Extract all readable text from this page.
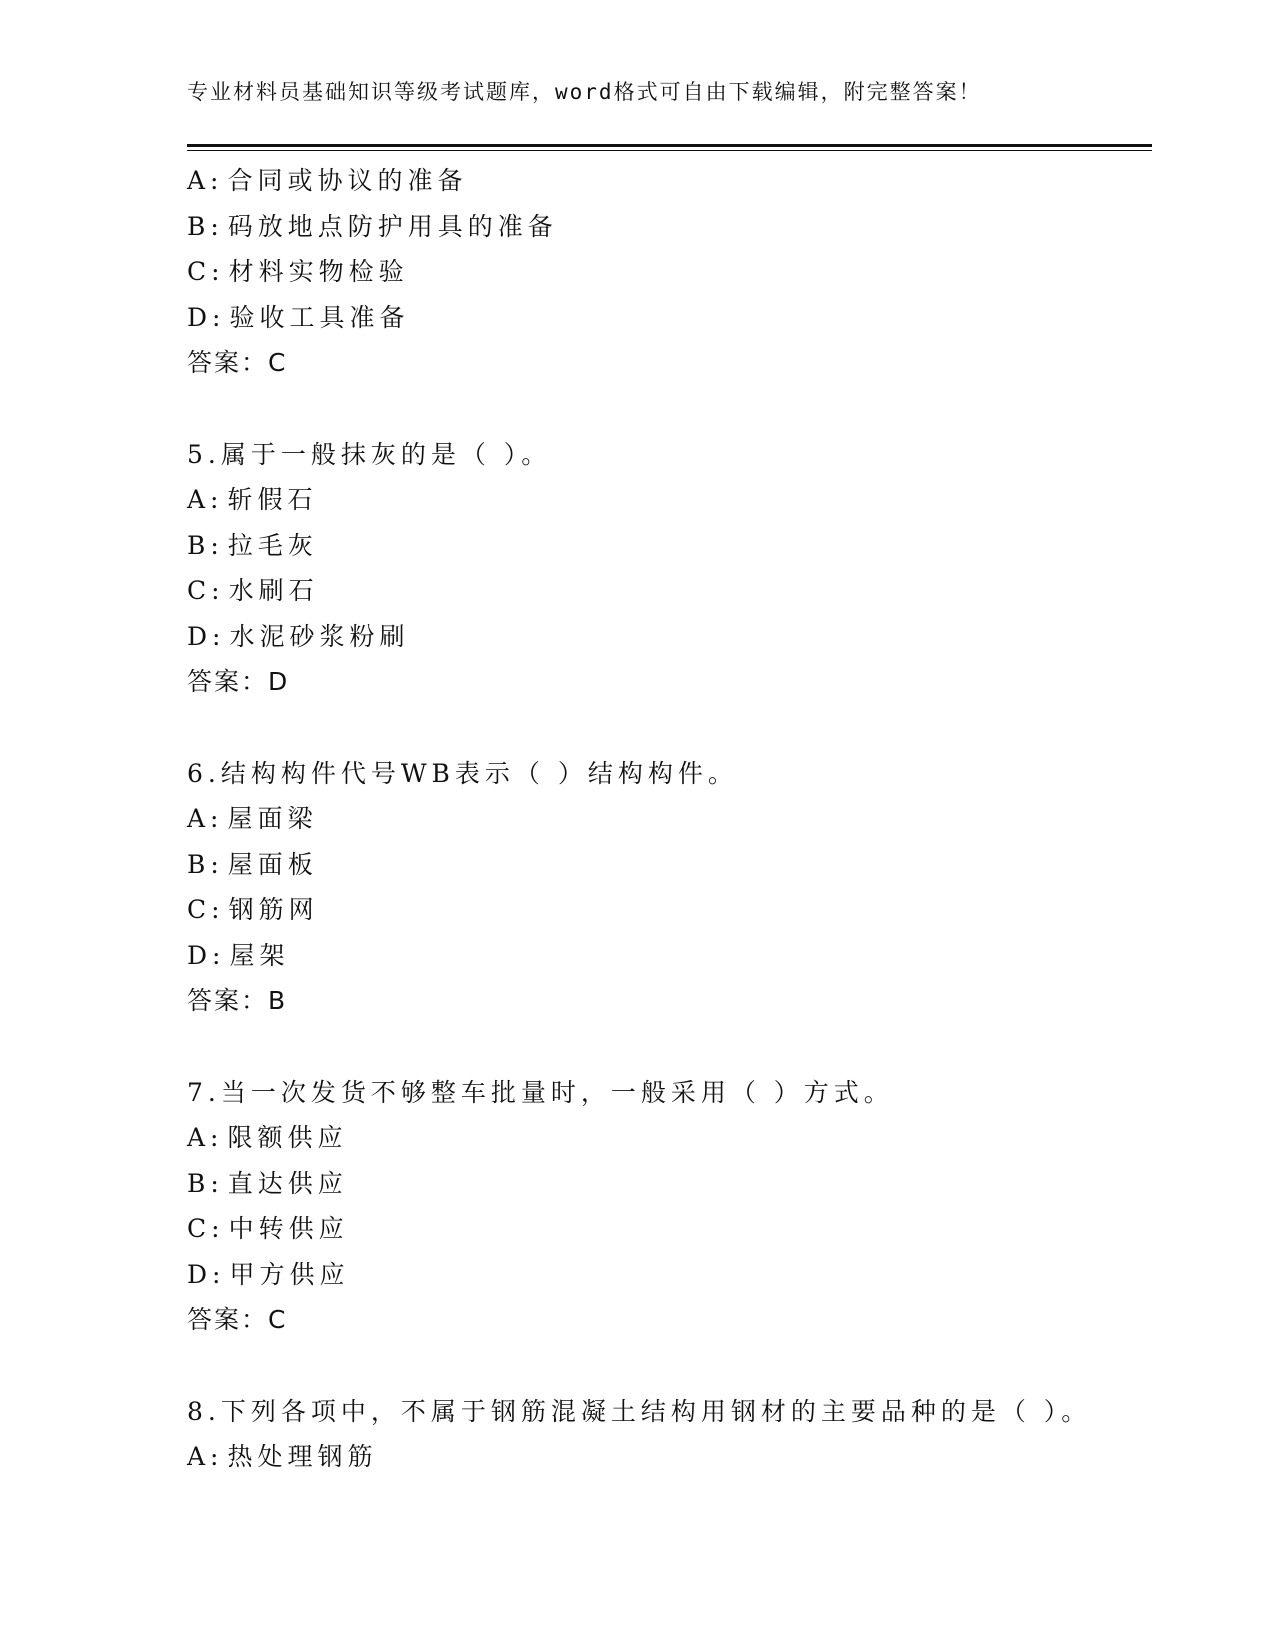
专业材料员基础知识等级考试题库，word格式可自由下载编辑，附完整答案！
A: 合同或协议的准备
B: 码放地点防护用具的准备
C: 材料实物检验
D: 验收工具准备
答案：C
5.属于一般抹灰的是（ ）。
A: 斩假石
B: 拉毛灰
C: 水刷石
D: 水泥砂浆粉刷
答案：D
6.结构构件代号WB表示（ ）结构构件。
A: 屋面梁
B: 屋面板
C: 钢筋网
D: 屋架
答案：B
7.当一次发货不够整车批量时，一般采用（ ）方式。
A: 限额供应
B: 直达供应
C: 中转供应
D: 甲方供应
答案：C
8.下列各项中，不属于钢筋混凝土结构用钢材的主要品种的是（ ）。
A: 热处理钢筋
